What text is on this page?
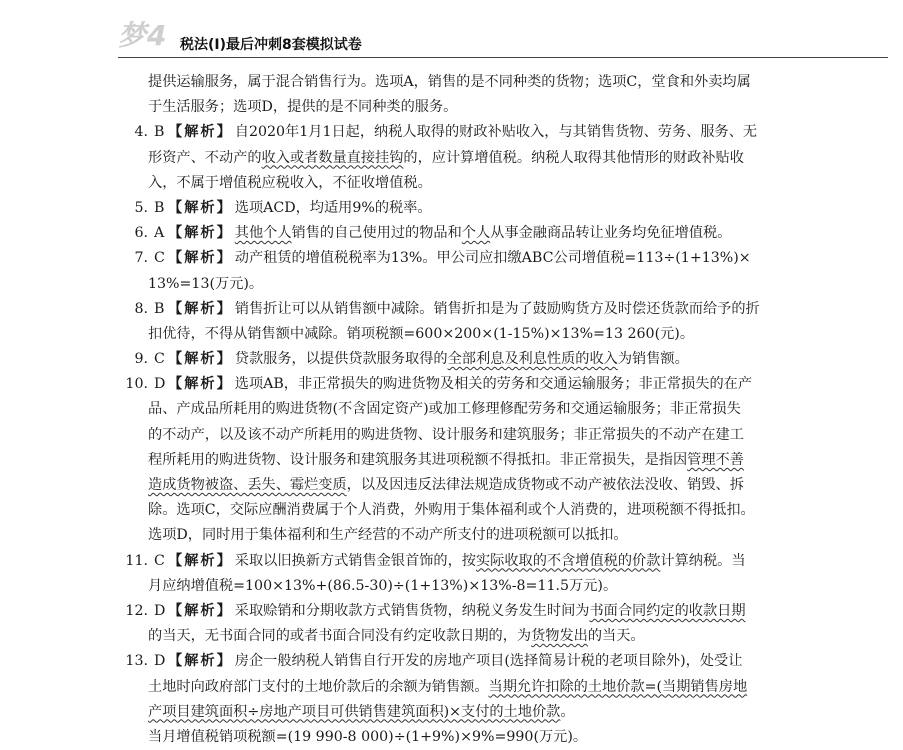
梦4 税法(Ⅰ)最后冲刺8套模拟试卷
提供运输服务，属于混合销售行为。选项A，销售的是不同种类的货物；选项C，堂食和外卖均属
于生活服务；选项D，提供的是不同种类的服务。
4. B 【解析】 自2020年1月1日起，纳税人取得的财政补贴收入，与其销售货物、劳务、服务、无
形资产、不动产的收入或者数量直接挂钩的，应计算增值税。纳税人取得其他情形的财政补贴收
入，不属于增值税应税收入，不征收增值税。
5. B 【解析】 选项ACD，均适用9%的税率。
6. A 【解析】 其他个人销售的自己使用过的物品和个人从事金融商品转让业务均免征增值税。
7. C 【解析】 动产租赁的增值税税率为13%。甲公司应扣缴ABC公司增值税=113÷(1+13%)×
13%=13(万元)。
8. B 【解析】 销售折让可以从销售额中减除。销售折扣是为了鼓励购货方及时偿还货款而给予的折
扣优待，不得从销售额中减除。销项税额=600×200×(1-15%)×13%=13 260(元)。
9. C 【解析】 贷款服务，以提供贷款服务取得的全部利息及利息性质的收入为销售额。
10. D 【解析】 选项AB，非正常损失的购进货物及相关的劳务和交通运输服务；非正常损失的在产
品、产成品所耗用的购进货物(不含固定资产)或加工修理修配劳务和交通运输服务；非正常损失
的不动产，以及该不动产所耗用的购进货物、设计服务和建筑服务；非正常损失的不动产在建工
程所耗用的购进货物、设计服务和建筑服务其进项税额不得抵扣。非正常损失，是指因管理不善
造成货物被盗、丢失、霉烂变质，以及因违反法律法规造成货物或不动产被依法没收、销毁、拆
除。选项C，交际应酬消费属于个人消费，外购用于集体福利或个人消费的，进项税额不得抵扣。
选项D，同时用于集体福利和生产经营的不动产所支付的进项税额可以抵扣。
11. C 【解析】 采取以旧换新方式销售金银首饰的，按实际收取的不含增值税的价款计算纳税。当
月应纳增值税=100×13%+(86.5-30)÷(1+13%)×13%-8=11.5万元)。
12. D 【解析】 采取赊销和分期收款方式销售货物，纳税义务发生时间为书面合同约定的收款日期
的当天，无书面合同的或者书面合同没有约定收款日期的，为货物发出的当天。
13. D 【解析】 房企一般纳税人销售自行开发的房地产项目(选择简易计税的老项目除外)，处受让
土地时向政府部门支付的土地价款后的余额为销售额。当期允许扣除的土地价款=(当期销售房地
产项目建筑面积÷房地产项目可供销售建筑面积)×支付的土地价款。
当月增值税销项税额=(19 990-8 000)÷(1+9%)×9%=990(万元)。
